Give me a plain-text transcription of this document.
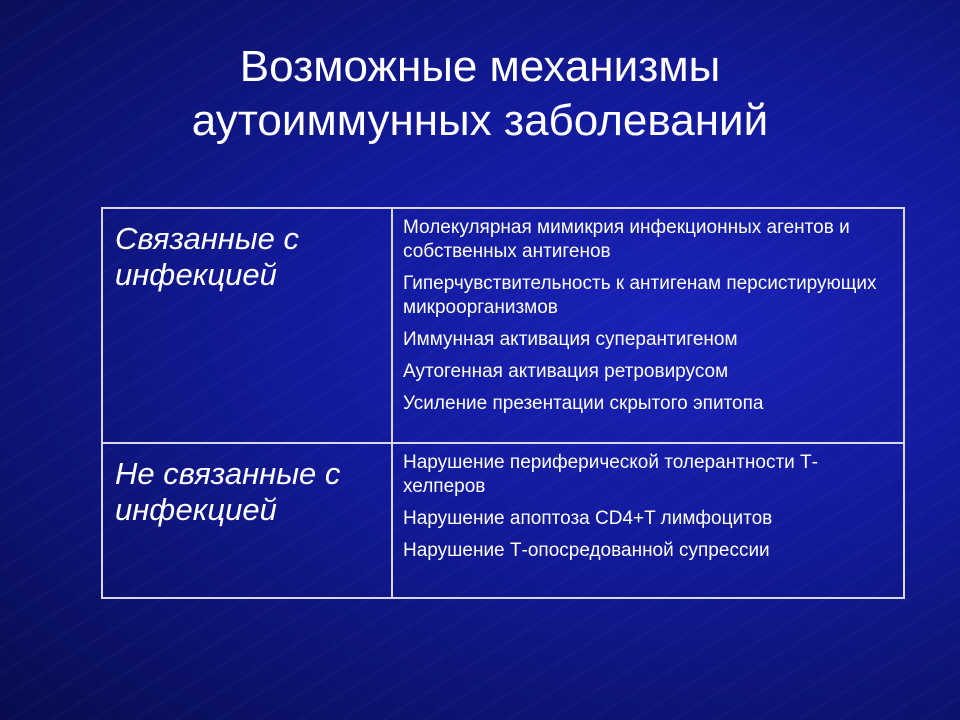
Возможные механизмы
аутоиммунных заболеваний
Связанные с инфекцией	Молекулярная мимикрия инфекционных агентов и собственных антигенов
Гиперчувствительность к антигенам персистирующих микроорганизмов
Иммунная активация суперантигеном
Аутогенная активация ретровирусом
Усиление презентации скрытого эпитопа

Не связанные с инфекцией	Нарушение периферической толерантности Т-хелперов
Нарушение апоптоза CD4+T лимфоцитов
Нарушение Т-опосредованной супрессии
